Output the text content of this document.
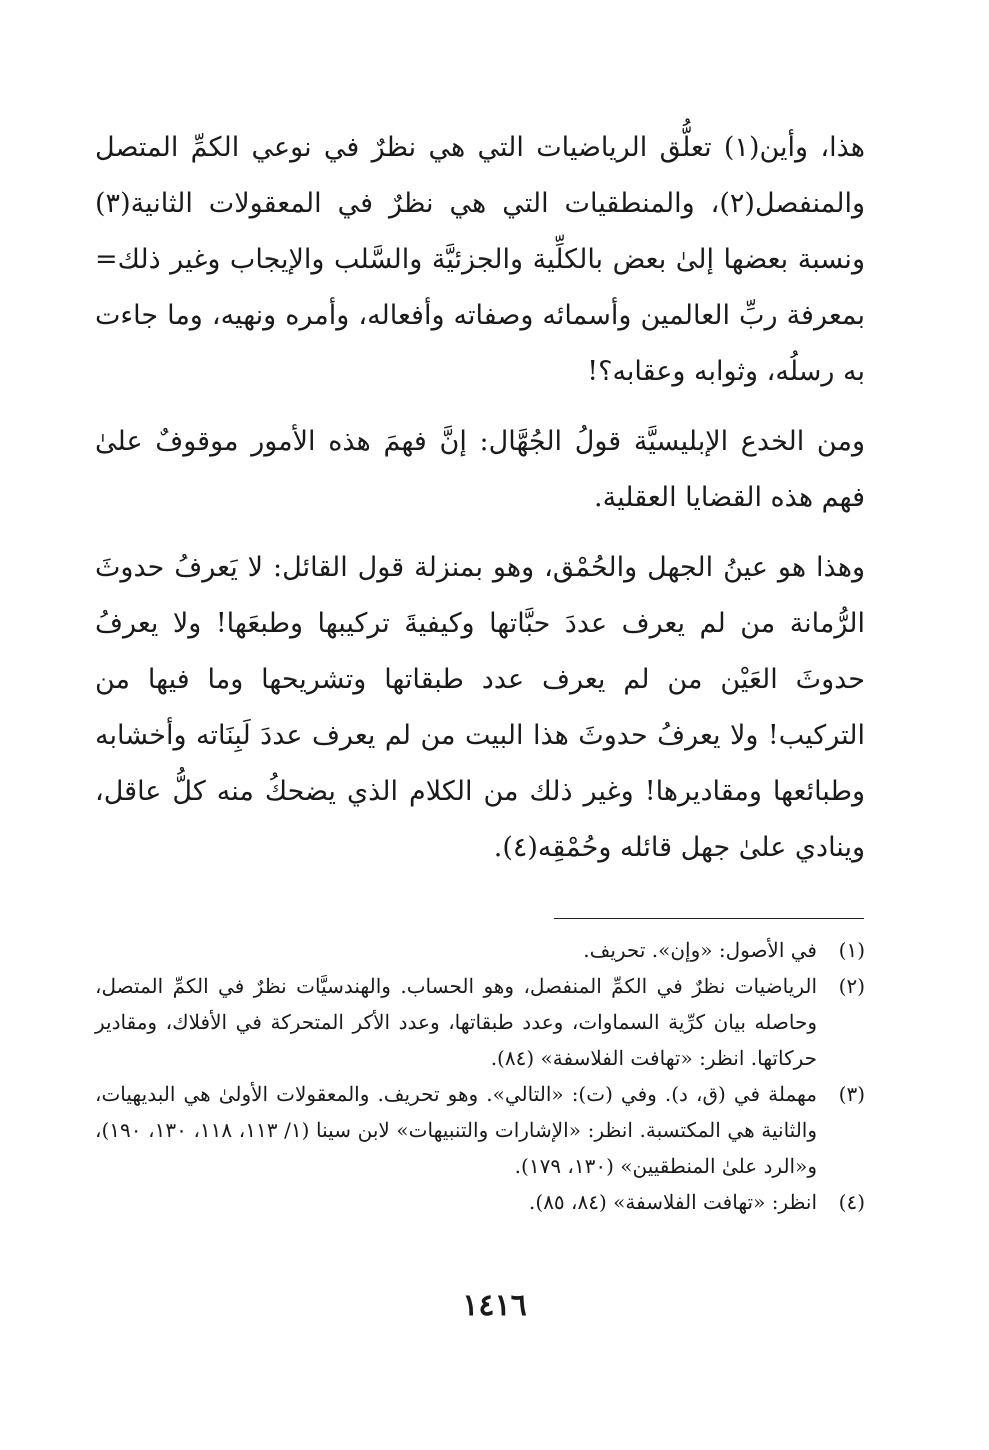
هذا، وأين(١) تعلُّق الرياضيات التي هي نظرٌ في نوعي الكمِّ المتصل والمنفصل(٢)، والمنطقيات التي هي نظرٌ في المعقولات الثانية(٣) ونسبة بعضها إلىٰ بعض بالكلِّية والجزئيَّة والسَّلب والإيجاب وغير ذلك= بمعرفة ربِّ العالمين وأسمائه وصفاته وأفعاله، وأمره ونهيه، وما جاءت به رسلُه، وثوابه وعقابه؟!

ومن الخدع الإبليسيَّة قولُ الجُهَّال: إنَّ فهمَ هذه الأمور موقوفٌ علىٰ فهم هذه القضايا العقلية.

وهذا هو عينُ الجهل والحُمْق، وهو بمنزلة قول القائل: لا يَعرفُ حدوثَ الرُّمانة من لم يعرف عددَ حبَّاتها وكيفيةَ تركيبها وطبعَها! ولا يعرفُ حدوثَ العَيْن من لم يعرف عدد طبقاتها وتشريحها وما فيها من التركيب! ولا يعرفُ حدوثَ هذا البيت من لم يعرف عددَ لَبِنَاته وأخشابه وطبائعها ومقاديرها! وغير ذلك من الكلام الذي يضحكُ منه كلُّ عاقل، وينادي علىٰ جهل قائله وحُمْقِه(٤).

(١)
في الأصول: «وإن». تحريف.
(٢)
الرياضيات نظرٌ في الكمِّ المنفصل، وهو الحساب. والهندسيَّات نظرٌ في الكمِّ المتصل، وحاصله بيان كرِّية السماوات، وعدد طبقاتها، وعدد الأكر المتحركة في الأفلاك، ومقادير حركاتها. انظر: «تهافت الفلاسفة» (٨٤).
(٣)
مهملة في (ق، د). وفي (ت): «التالي». وهو تحريف. والمعقولات الأولىٰ هي البديهيات، والثانية هي المكتسبة. انظر: «الإشارات والتنبيهات» لابن سينا (١/ ١١٣، ١١٨، ١٣٠، ١٩٠)، و«الرد علىٰ المنطقيين» (١٣٠، ١٧٩).
(٤)
انظر: «تهافت الفلاسفة» (٨٤، ٨٥).
١٤١٦
